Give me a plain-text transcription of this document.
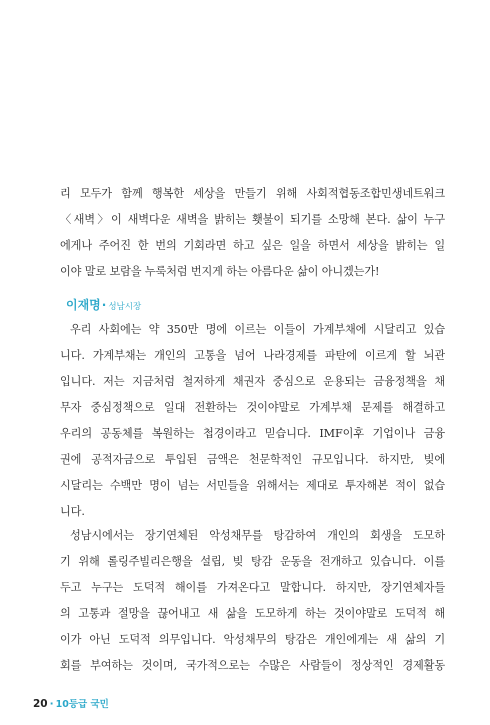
리 모두가 함께 행복한 세상을 만들기 위해 사회적협동조합민생네트워크
〈새벽〉이 새벽다운 새벽을 밝히는 횃불이 되기를 소망해 본다. 삶이 누구
에게나 주어진 한 번의 기회라면 하고 싶은 일을 하면서 세상을 밝히는 일
이야 말로 보람을 누룩처럼 번지게 하는 아름다운 삶이 아니겠는가!
이재명· 성남시장
우리 사회에는 약 350만 명에 이르는 이들이 가계부채에 시달리고 있습
니다. 가계부채는 개인의 고통을 넘어 나라경제를 파탄에 이르게 할 뇌관
입니다. 저는 지금처럼 철저하게 채권자 중심으로 운용되는 금융정책을 채
무자 중심정책으로 일대 전환하는 것이야말로 가계부채 문제를 해결하고
우리의 공동체를 복원하는 첩경이라고 믿습니다. IMF이후 기업이나 금융
권에 공적자금으로 투입된 금액은 천문학적인 규모입니다. 하지만, 빚에
시달리는 수백만 명이 넘는 서민들을 위해서는 제대로 투자해본 적이 없습
니다.
성남시에서는 장기연체된 악성채무를 탕감하여 개인의 회생을 도모하
기 위해 롤링주빌리은행을 설립, 빚 탕감 운동을 전개하고 있습니다. 이를
두고 누구는 도덕적 해이를 가져온다고 말합니다. 하지만, 장기연체자들
의 고통과 절망을 끊어내고 새 삶을 도모하게 하는 것이야말로 도덕적 해
이가 아닌 도덕적 의무입니다. 악성채무의 탕감은 개인에게는 새 삶의 기
회를 부여하는 것이며, 국가적으로는 수많은 사람들이 정상적인 경제활동
20 · 10등급 국민
